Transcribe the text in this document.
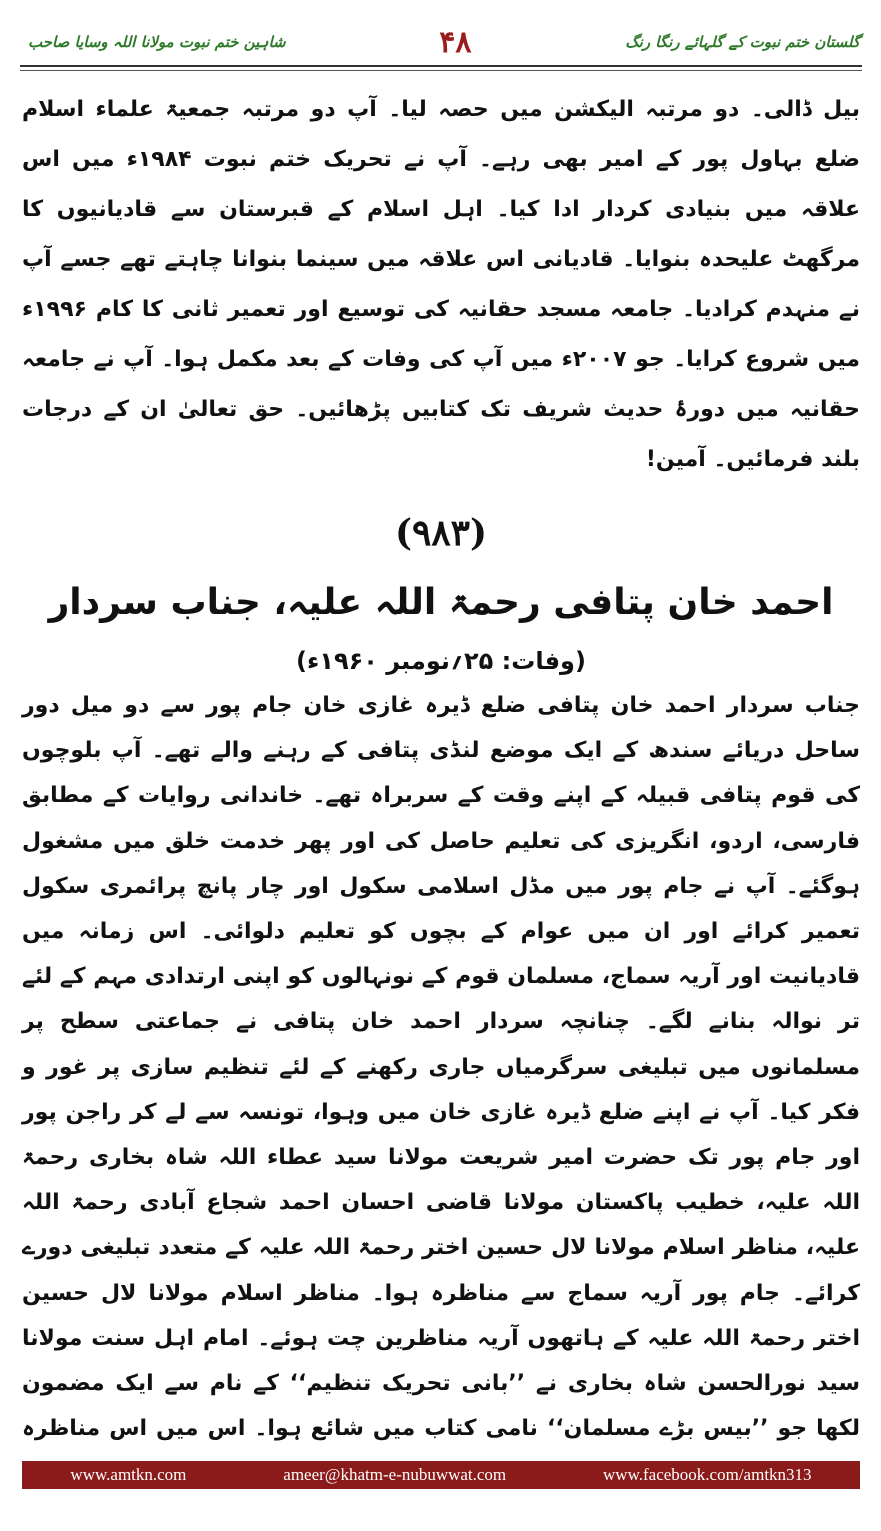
گلستان ختم نبوت کے گلہائے رنگا رنگ
۴۸
شاہین ختم نبوت مولانا اللہ وسایا صاحب

بیل ڈالی۔ دو مرتبہ الیکشن میں حصہ لیا۔ آپ دو مرتبہ جمعیۃ علماء اسلام ضلع بہاول پور کے امیر بھی رہے۔ آپ نے تحریک ختم نبوت ۱۹۸۴ء میں اس علاقہ میں بنیادی کردار ادا کیا۔ اہل اسلام کے قبرستان سے قادیانیوں کا مرگھٹ علیحدہ بنوایا۔ قادیانی اس علاقہ میں سینما بنوانا چاہتے تھے جسے آپ نے منہدم کرادیا۔ جامعہ مسجد حقانیہ کی توسیع اور تعمیر ثانی کا کام ۱۹۹۶ء میں شروع کرایا۔ جو ۲۰۰۷ء میں آپ کی وفات کے بعد مکمل ہوا۔ آپ نے جامعہ حقانیہ میں دورۂ حدیث شریف تک کتابیں پڑھائیں۔ حق تعالیٰ ان کے درجات بلند فرمائیں۔ آمین!

(۹۸۳)
احمد خان پتافی رحمۃ اللہ علیہ، جناب سردار
(وفات: ۲۵؍نومبر ۱۹۶۰ء)

جناب سردار احمد خان پتافی ضلع ڈیرہ غازی خان جام پور سے دو میل دور ساحل دریائے سندھ کے ایک موضع لنڈی پتافی کے رہنے والے تھے۔ آپ بلوچوں کی قوم پتافی قبیلہ کے اپنے وقت کے سربراہ تھے۔ خاندانی روایات کے مطابق فارسی، اردو، انگریزی کی تعلیم حاصل کی اور پھر خدمت خلق میں مشغول ہوگئے۔ آپ نے جام پور میں مڈل اسلامی سکول اور چار پانچ پرائمری سکول تعمیر کرائے اور ان میں عوام کے بچوں کو تعلیم دلوائی۔ اس زمانہ میں قادیانیت اور آریہ سماج، مسلمان قوم کے نونہالوں کو اپنی ارتدادی مہم کے لئے تر نوالہ بنانے لگے۔ چنانچہ سردار احمد خان پتافی نے جماعتی سطح پر مسلمانوں میں تبلیغی سرگرمیاں جاری رکھنے کے لئے تنظیم سازی پر غور و فکر کیا۔ آپ نے اپنے ضلع ڈیرہ غازی خان میں وہوا، تونسہ سے لے کر راجن پور اور جام پور تک حضرت امیر شریعت مولانا سید عطاء اللہ شاہ بخاری رحمۃ اللہ علیہ، خطیب پاکستان مولانا قاضی احسان احمد شجاع آبادی رحمۃ اللہ علیہ، مناظر اسلام مولانا لال حسین اختر رحمۃ اللہ علیہ کے متعدد تبلیغی دورے کرائے۔ جام پور آریہ سماج سے مناظرہ ہوا۔ مناظر اسلام مولانا لال حسین اختر رحمۃ اللہ علیہ کے ہاتھوں آریہ مناظرین چت ہوئے۔ امام اہل سنت مولانا سید نورالحسن شاہ بخاری نے ’’بانی تحریک تنظیم‘‘ کے نام سے ایک مضمون لکھا جو ’’بیس بڑے مسلمان‘‘ نامی کتاب میں شائع ہوا۔ اس میں اس مناظرہ

www.amtkn.com	ameer@khatm-e-nubuwwat.com	www.facebook.com/amtkn313
